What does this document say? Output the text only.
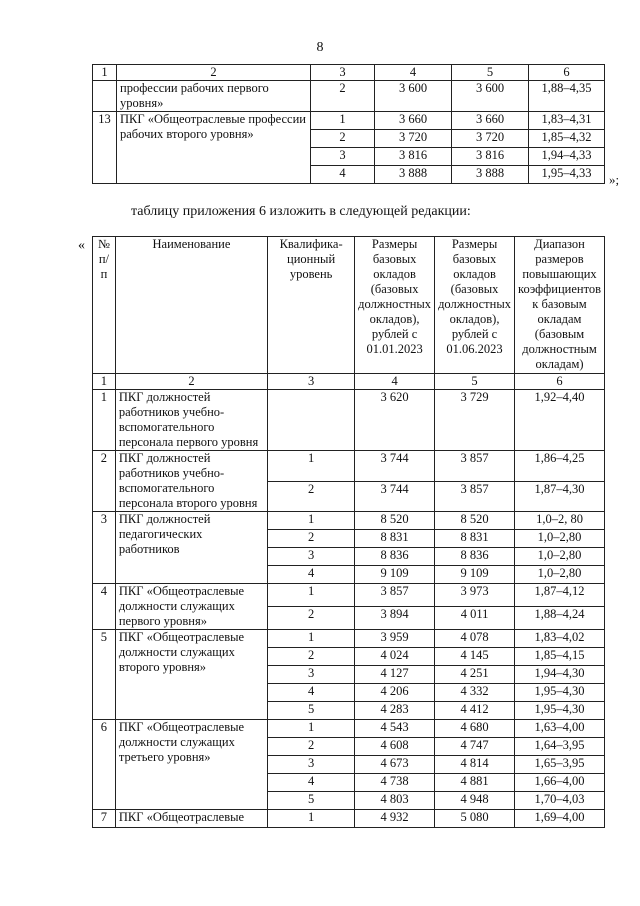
8
1	2	3	4	5	6
	профессии рабочих первого уровня»	2	3 600	3 600	1,88–4,35
13	ПКГ «Общеотраслевые профессии рабочих второго уровня»	1	3 660	3 660	1,83–4,31
		2	3 720	3 720	1,85–4,32
		3	3 816	3 816	1,94–4,33
		4	3 888	3 888	1,95–4,33 »;
таблицу приложения 6 изложить в следующей редакции:
« № п/п	Наименование	Квалифика-ционный уровень	Размеры базовых окладов (базовых должностных окладов), рублей с 01.01.2023	Размеры базовых окладов (базовых должностных окладов), рублей с 01.06.2023	Диапазон размеров повышающих коэффициентов к базовым окладам (базовым должностным окладам)
1	2	3	4	5	6
1	ПКГ должностей работников учебно-вспомогательного персонала первого уровня		3 620	3 729	1,92–4,40
2	ПКГ должностей работников учебно-вспомогательного персонала второго уровня	1	3 744	3 857	1,86–4,25
		2	3 744	3 857	1,87–4,30
3	ПКГ должностей педагогических работников	1	8 520	8 520	1,0–2, 80
		2	8 831	8 831	1,0–2,80
		3	8 836	8 836	1,0–2,80
		4	9 109	9 109	1,0–2,80
4	ПКГ «Общеотраслевые должности служащих первого уровня»	1	3 857	3 973	1,87–4,12
		2	3 894	4 011	1,88–4,24
5	ПКГ «Общеотраслевые должности служащих второго уровня»	1	3 959	4 078	1,83–4,02
		2	4 024	4 145	1,85–4,15
		3	4 127	4 251	1,94–4,30
		4	4 206	4 332	1,95–4,30
		5	4 283	4 412	1,95–4,30
6	ПКГ «Общеотраслевые должности служащих третьего уровня»	1	4 543	4 680	1,63–4,00
		2	4 608	4 747	1,64–3,95
		3	4 673	4 814	1,65–3,95
		4	4 738	4 881	1,66–4,00
		5	4 803	4 948	1,70–4,03
7	ПКГ «Общеотраслевые	1	4 932	5 080	1,69–4,00
